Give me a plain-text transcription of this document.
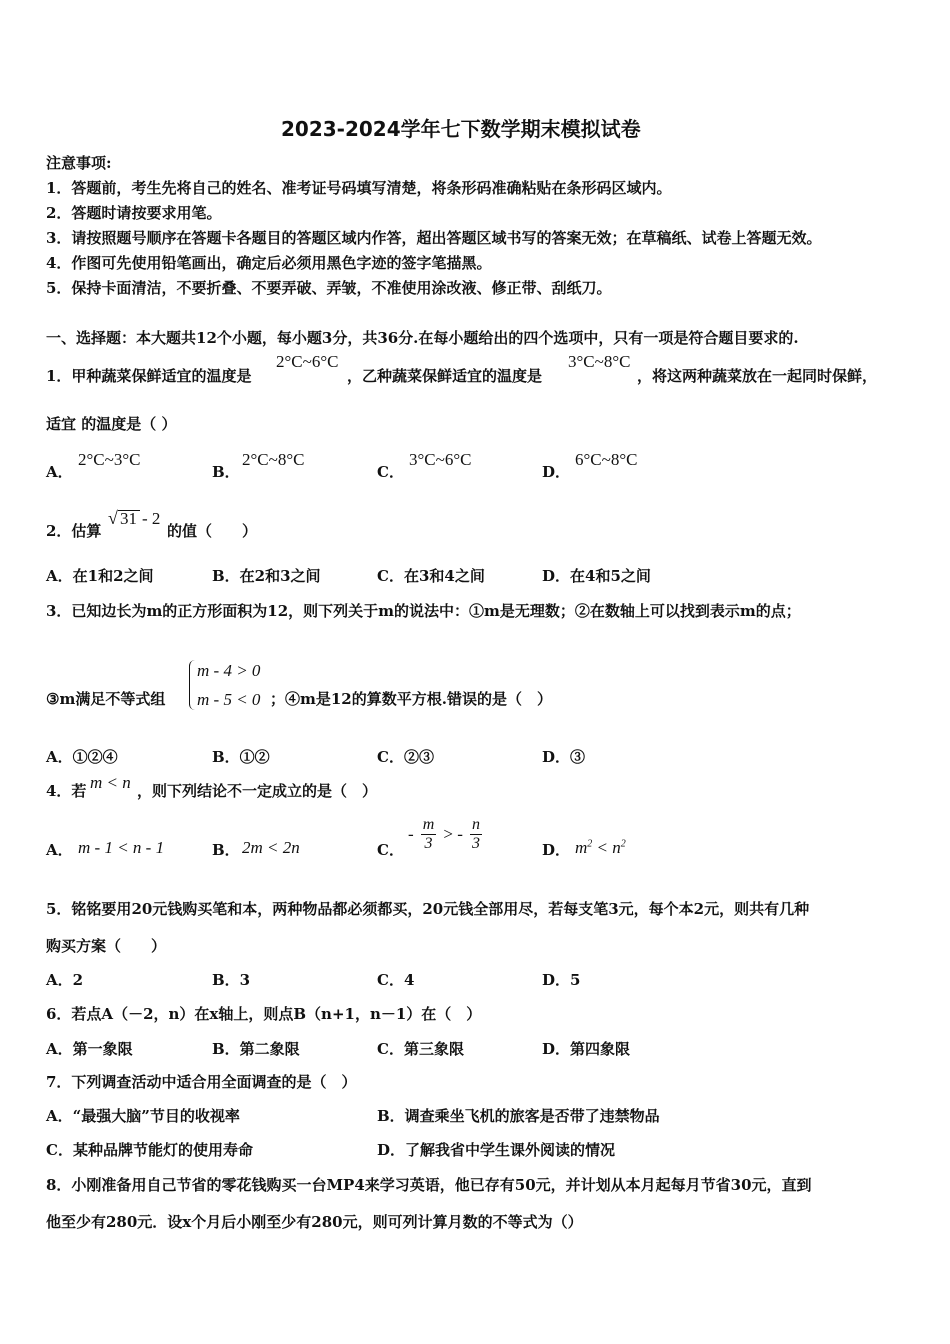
2023-2024学年七下数学期末模拟试卷
注意事项:
1．答题前，考生先将自己的姓名、准考证号码填写清楚，将条形码准确粘贴在条形码区域内。
2．答题时请按要求用笔。
3．请按照题号顺序在答题卡各题目的答题区域内作答，超出答题区域书写的答案无效；在草稿纸、试卷上答题无效。
4．作图可先使用铅笔画出，确定后必须用黑色字迹的签字笔描黑。
5．保持卡面清洁，不要折叠、不要弄破、弄皱，不准使用涂改液、修正带、刮纸刀。
一、选择题：本大题共12个小题，每小题3分，共36分.在每小题给出的四个选项中，只有一项是符合题目要求的.
1．甲种蔬菜保鲜适宜的温度是
2°C~6°C
，乙种蔬菜保鲜适宜的温度是
3°C~8°C
，将这两种蔬菜放在一起同时保鲜，
适宜 的温度是（ ）
A．
2°C~3°C
B．
2°C~8°C
C．
3°C~6°C
D．
6°C~8°C
2．估算
√ 31 - 2
的值（　　）
A．在1和2之间	B．在2和3之间	C．在3和4之间	D．在4和5之间
3．已知边长为m的正方形面积为12，则下列关于m的说法中：①m是无理数；②在数轴上可以找到表示m的点；
③m满足不等式组
m - 4 > 0
m - 5 < 0 ；④m是12的算数平方根.错误的是（　）
A．①②④	B．①②	C．②③	D．③
4．若 m < n ，则下列结论不一定成立的是（　）
A． m - 1 < n - 1	B． 2m < 2n	C．
- $\frac{m}{3}$ > - $\frac{n}{3}$	D． $m^2 < n^2$
5．铭铭要用20元钱购买笔和本，两种物品都必须都买，20元钱全部用尽，若每支笔3元，每个本2元，则共有几种
购买方案（　　）
A．2	B．3	C．4	D．5
6．若点A（－2，n）在x轴上，则点B（n+1，n－1）在（　）
A．第一象限	B．第二象限	C．第三象限	D．第四象限
7．下列调查活动中适合用全面调查的是（　）
A．“最强大脑”节目的收视率	B．调查乘坐飞机的旅客是否带了违禁物品
C．某种品牌节能灯的使用寿命	D．了解我省中学生课外阅读的情况
8．小刚准备用自己节省的零花钱购买一台MP4来学习英语，他已存有50元，并计划从本月起每月节省30元，直到
他至少有280元．设x个月后小刚至少有280元，则可列计算月数的不等式为（）
